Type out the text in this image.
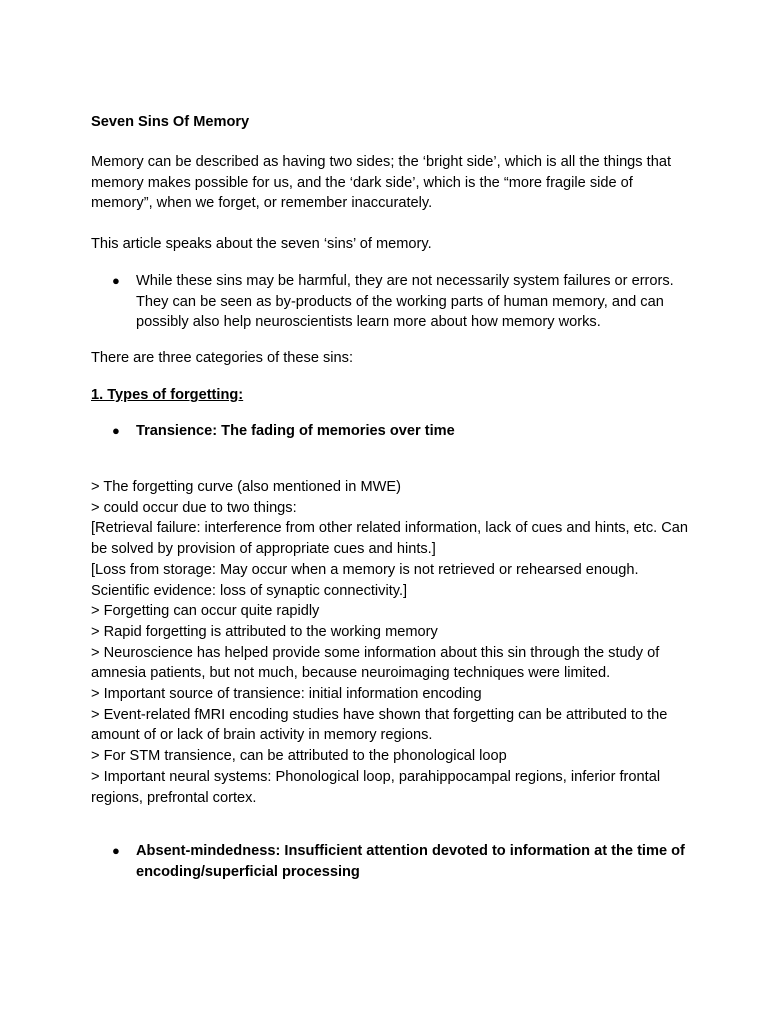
Seven Sins Of Memory
Memory can be described as having two sides; the ‘bright side’, which is all the things that memory makes possible for us, and the ‘dark side’, which is the “more fragile side of memory”, when we forget, or remember inaccurately.
This article speaks about the seven ‘sins’ of memory.
● While these sins may be harmful, they are not necessarily system failures or errors. They can be seen as by-products of the working parts of human memory, and can possibly also help neuroscientists learn more about how memory works.
There are three categories of these sins:
1. Types of forgetting:
● Transience: The fading of memories over time

> The forgetting curve (also mentioned in MWE)

> could occur due to two things:

[Retrieval failure: interference from other related information, lack of cues and hints, etc. Can be solved by provision of appropriate cues and hints.]

[Loss from storage: May occur when a memory is not retrieved or rehearsed enough. Scientific evidence: loss of synaptic connectivity.]

> Forgetting can occur quite rapidly

> Rapid forgetting is attributed to the working memory

> Neuroscience has helped provide some information about this sin through the study of amnesia patients, but not much, because neuroimaging techniques were limited.

> Important source of transience: initial information encoding

> Event-related fMRI encoding studies have shown that forgetting can be attributed to the amount of or lack of brain activity in memory regions.

> For STM transience, can be attributed to the phonological loop

> Important neural systems: Phonological loop, parahippocampal regions, inferior frontal regions, prefrontal cortex.

● Absent-mindedness: Insufficient attention devoted to information at the time of encoding/superficial processing
